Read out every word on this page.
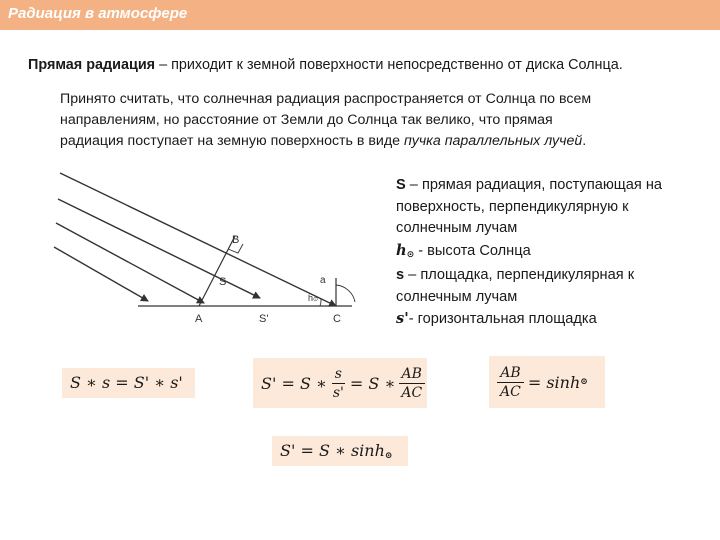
Радиация в атмосфере
Прямая радиация – приходит к земной поверхности непосредственно от диска Солнца.
Принято считать, что солнечная радиация распространяется от Солнца по всем
направлениям, но расстояние от Земли до Солнца так велико, что прямая
радиация поступает на земную поверхность в виде пучка параллельных лучей.
A
B
C
S'
S	a
h⊙
S – прямая радиация, поступающая на
поверхность, перпендикулярную к
солнечным лучам
h⊙ - высота Солнца
s – площадка, перпендикулярная к
солнечным лучам
s'- горизонтальная площадка
S ∗ s = S' ∗ s'	S' = S ∗ $\frac{s}{s'} = S$ ∗ $\frac{AB}{AC}$	$\frac{AB}{AC} = \sinh$ ⊙
S' = S ∗ sinh⊙
